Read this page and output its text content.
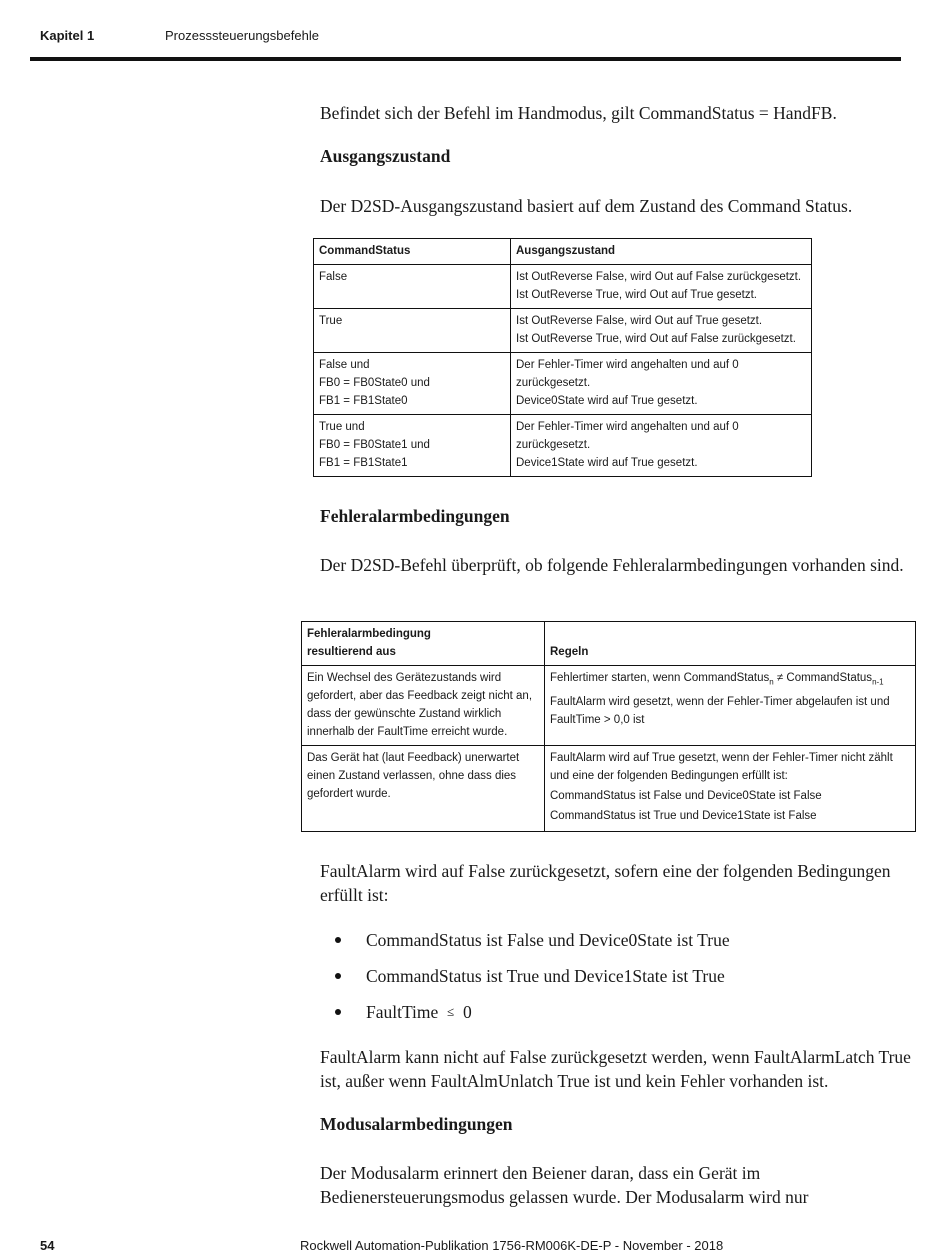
Kapitel 1	Prozesssteuerungsbefehle

Befindet sich der Befehl im Handmodus, gilt CommandStatus = HandFB.

Ausgangszustand

Der D2SD-Ausgangszustand basiert auf dem Zustand des Command Status.

CommandStatus	Ausgangszustand

False	Ist OutReverse False, wird Out auf False zurückgesetzt.
Ist OutReverse True, wird Out auf True gesetzt.

True	Ist OutReverse False, wird Out auf True gesetzt.
Ist OutReverse True, wird Out auf False zurückgesetzt.

False und
FB0 = FB0State0 und
FB1 = FB1State0	Der Fehler-Timer wird angehalten und auf 0 zurückgesetzt.
Device0State wird auf True gesetzt.

True und
FB0 = FB0State1 und
FB1 = FB1State1	Der Fehler-Timer wird angehalten und auf 0 zurückgesetzt.
Device1State wird auf True gesetzt.

Fehleralarmbedingungen

Der D2SD-Befehl überprüft, ob folgende Fehleralarmbedingungen vorhanden sind.

Fehleralarmbedingung
resultierend aus	Regeln
Ein Wechsel des Gerätezustands wird gefordert, aber das Feedback zeigt nicht an, dass der gewünschte Zustand wirklich innerhalb der FaultTime erreicht wurde.	Fehlertimer starten, wenn CommandStatus$_n$ ≠ CommandStatus$_{n-1}$
FaultAlarm wird gesetzt, wenn der Fehler-Timer abgelaufen ist und FaultTime > 0,0 ist

Das Gerät hat (laut Feedback) unerwartet einen Zustand verlassen, ohne dass dies gefordert wurde.	FaultAlarm wird auf True gesetzt, wenn der Fehler-Timer nicht zählt und eine der folgenden Bedingungen erfüllt ist:
CommandStatus ist False und Device0State ist False
CommandStatus ist True und Device1State ist False

FaultAlarm wird auf False zurückgesetzt, sofern eine der folgenden Bedingungen erfüllt ist:

CommandStatus ist False und Device0State ist True
CommandStatus ist True und Device1State ist True
FaultTime ≤ 0

FaultAlarm kann nicht auf False zurückgesetzt werden, wenn FaultAlarmLatch True ist, außer wenn FaultAlmUnlatch True ist und kein Fehler vorhanden ist.

Modusalarmbedingungen

Der Modusalarm erinnert den Beiener daran, dass ein Gerät im Bedienersteuerungsmodus gelassen wurde. Der Modusalarm wird nur

54	Rockwell Automation-Publikation 1756-RM006K-DE-P - November - 2018
